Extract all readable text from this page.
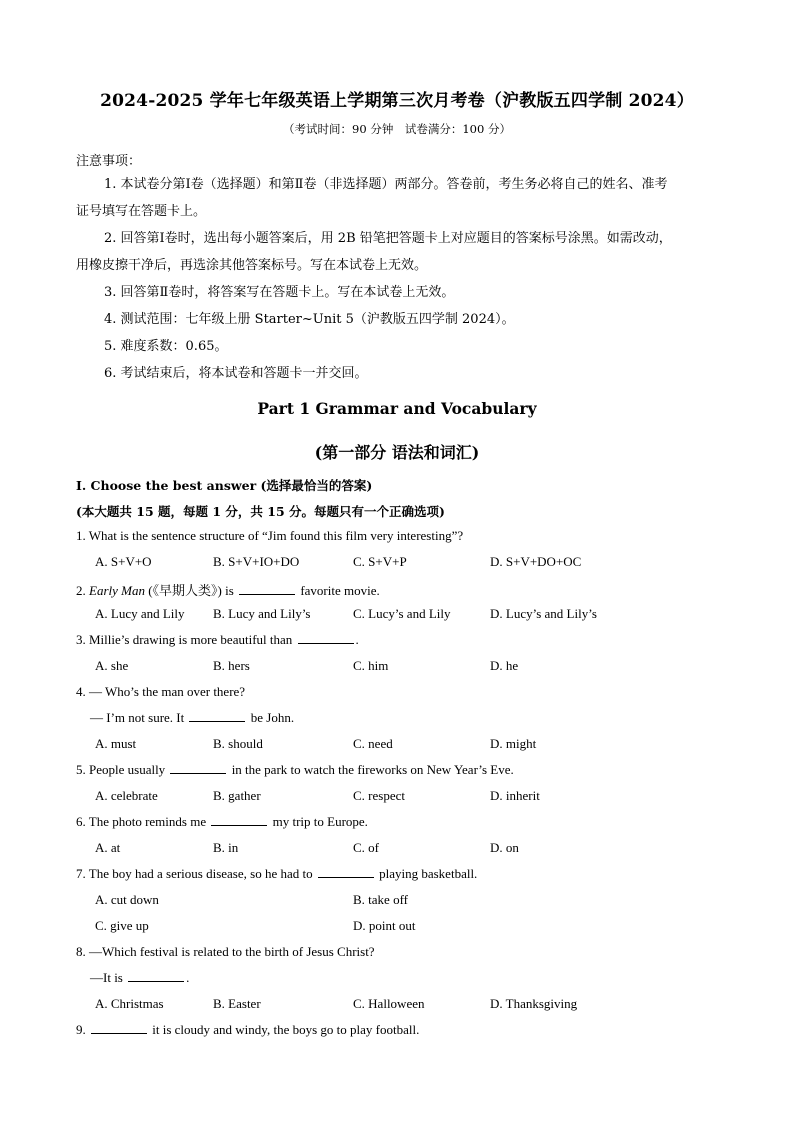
2024-2025 学年七年级英语上学期第三次月考卷（沪教版五四学制 2024）
（考试时间：90 分钟　试卷满分：100 分）
注意事项：
1. 本试卷分第Ⅰ卷（选择题）和第Ⅱ卷（非选择题）两部分。答卷前，考生务必将自己的姓名、准考
证号填写在答题卡上。
2. 回答第Ⅰ卷时，选出每小题答案后，用 2B 铅笔把答题卡上对应题目的答案标号涂黑。如需改动，
用橡皮擦干净后，再选涂其他答案标号。写在本试卷上无效。
3. 回答第Ⅱ卷时，将答案写在答题卡上。写在本试卷上无效。
4. 测试范围：七年级上册 Starter~Unit 5（沪教版五四学制 2024）。
5. 难度系数：0.65。
6. 考试结束后，将本试卷和答题卡一并交回。
Part 1 Grammar and Vocabulary
(第一部分 语法和词汇)
I. Choose the best answer (选择最恰当的答案)
(本大题共 15 题，每题 1 分，共 15 分。每题只有一个正确选项)
1. What is the sentence structure of “Jim found this film very interesting”?
A. S+V+O	B. S+V+IO+DO	C. S+V+P	D. S+V+DO+OC
2. Early Man (《早期人类》) is	favorite movie.
A. Lucy and Lily B. Lucy and Lily’s	C. Lucy’s and Lily	D. Lucy’s and Lily’s
3. Millie’s drawing is more beautiful than	.
A. she	B. hers	C. him	D. he
4. — Who’s the man over there?
— I’m not sure. It	be John.
A. must	B. should	C. need	D. might
5. People usually	in the park to watch the fireworks on New Year’s Eve.
A. celebrate	B. gather	C. respect	D. inherit
6. The photo reminds me	my trip to Europe.
A. at	B. in	C. of	D. on
7. The boy had a serious disease, so he had to	playing basketball.
A. cut down	B. take off
C. give up	D. point out
8. —Which festival is related to the birth of Jesus Christ?
—It is	.
A. Christmas	B. Easter	C. Halloween	D. Thanksgiving
9.	it is cloudy and windy, the boys go to play football.
